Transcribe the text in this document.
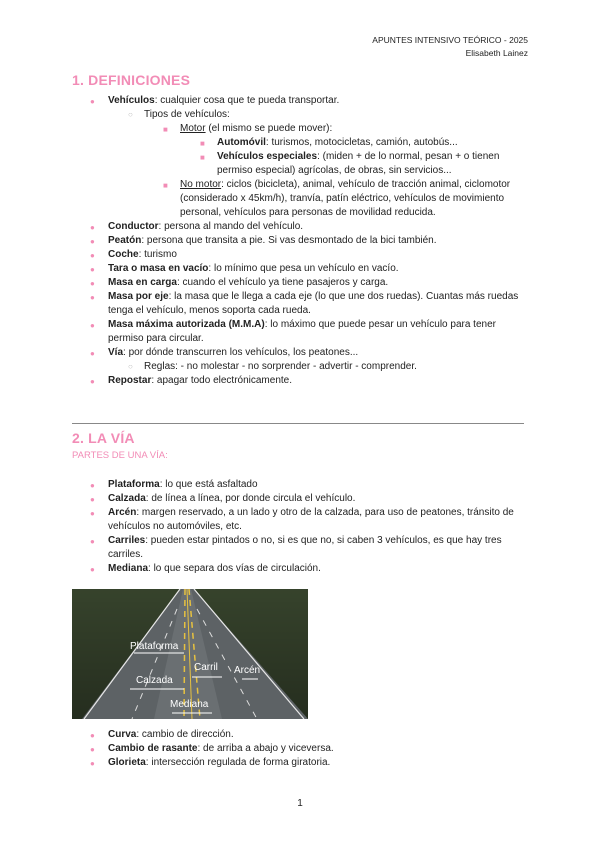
APUNTES INTENSIVO TEÓRICO - 2025
Elisabeth Lainez
1. DEFINICIONES
● Vehículos: cualquier cosa que te pueda transportar.
○ Tipos de vehículos:
■ Motor (el mismo se puede mover):
■ Automóvil: turismos, motocicletas, camión, autobús...
■ Vehículos especiales: (miden + de lo normal, pesan + o tienen permiso especial) agrícolas, de obras, sin servicios...
■ No motor: ciclos (bicicleta), animal, vehículo de tracción animal, ciclomotor (considerado x 45km/h), tranvía, patín eléctrico, vehículos de movimiento personal, vehículos para personas de movilidad reducida.
● Conductor: persona al mando del vehículo.
● Peatón: persona que transita a pie. Si vas desmontado de la bici también.
● Coche: turismo
● Tara o masa en vacío: lo mínimo que pesa un vehículo en vacío.
● Masa en carga: cuando el vehículo ya tiene pasajeros y carga.
● Masa por eje: la masa que le llega a cada eje (lo que une dos ruedas). Cuantas más ruedas tenga el vehículo, menos soporta cada rueda.
● Masa máxima autorizada (M.M.A): lo máximo que puede pesar un vehículo para tener permiso para circular.
● Vía: por dónde transcurren los vehículos, los peatones...
○ Reglas: - no molestar - no sorprender - advertir - comprender.
● Repostar: apagar todo electrónicamente.
2. LA VÍA
PARTES DE UNA VÍA:
● Plataforma: lo que está asfaltado
● Calzada: de línea a línea, por donde circula el vehículo.
● Arcén: margen reservado, a un lado y otro de la calzada, para uso de peatones, tránsito de vehículos no automóviles, etc.
● Carriles: pueden estar pintados o no, si es que no, si caben 3 vehículos, es que hay tres carriles.
● Mediana: lo que separa dos vías de circulación.
Plataforma
Carril Arcén
Calzada
Mediana
● Curva: cambio de dirección.
● Cambio de rasante: de arriba a abajo y viceversa.
● Glorieta: intersección regulada de forma giratoria.
1
